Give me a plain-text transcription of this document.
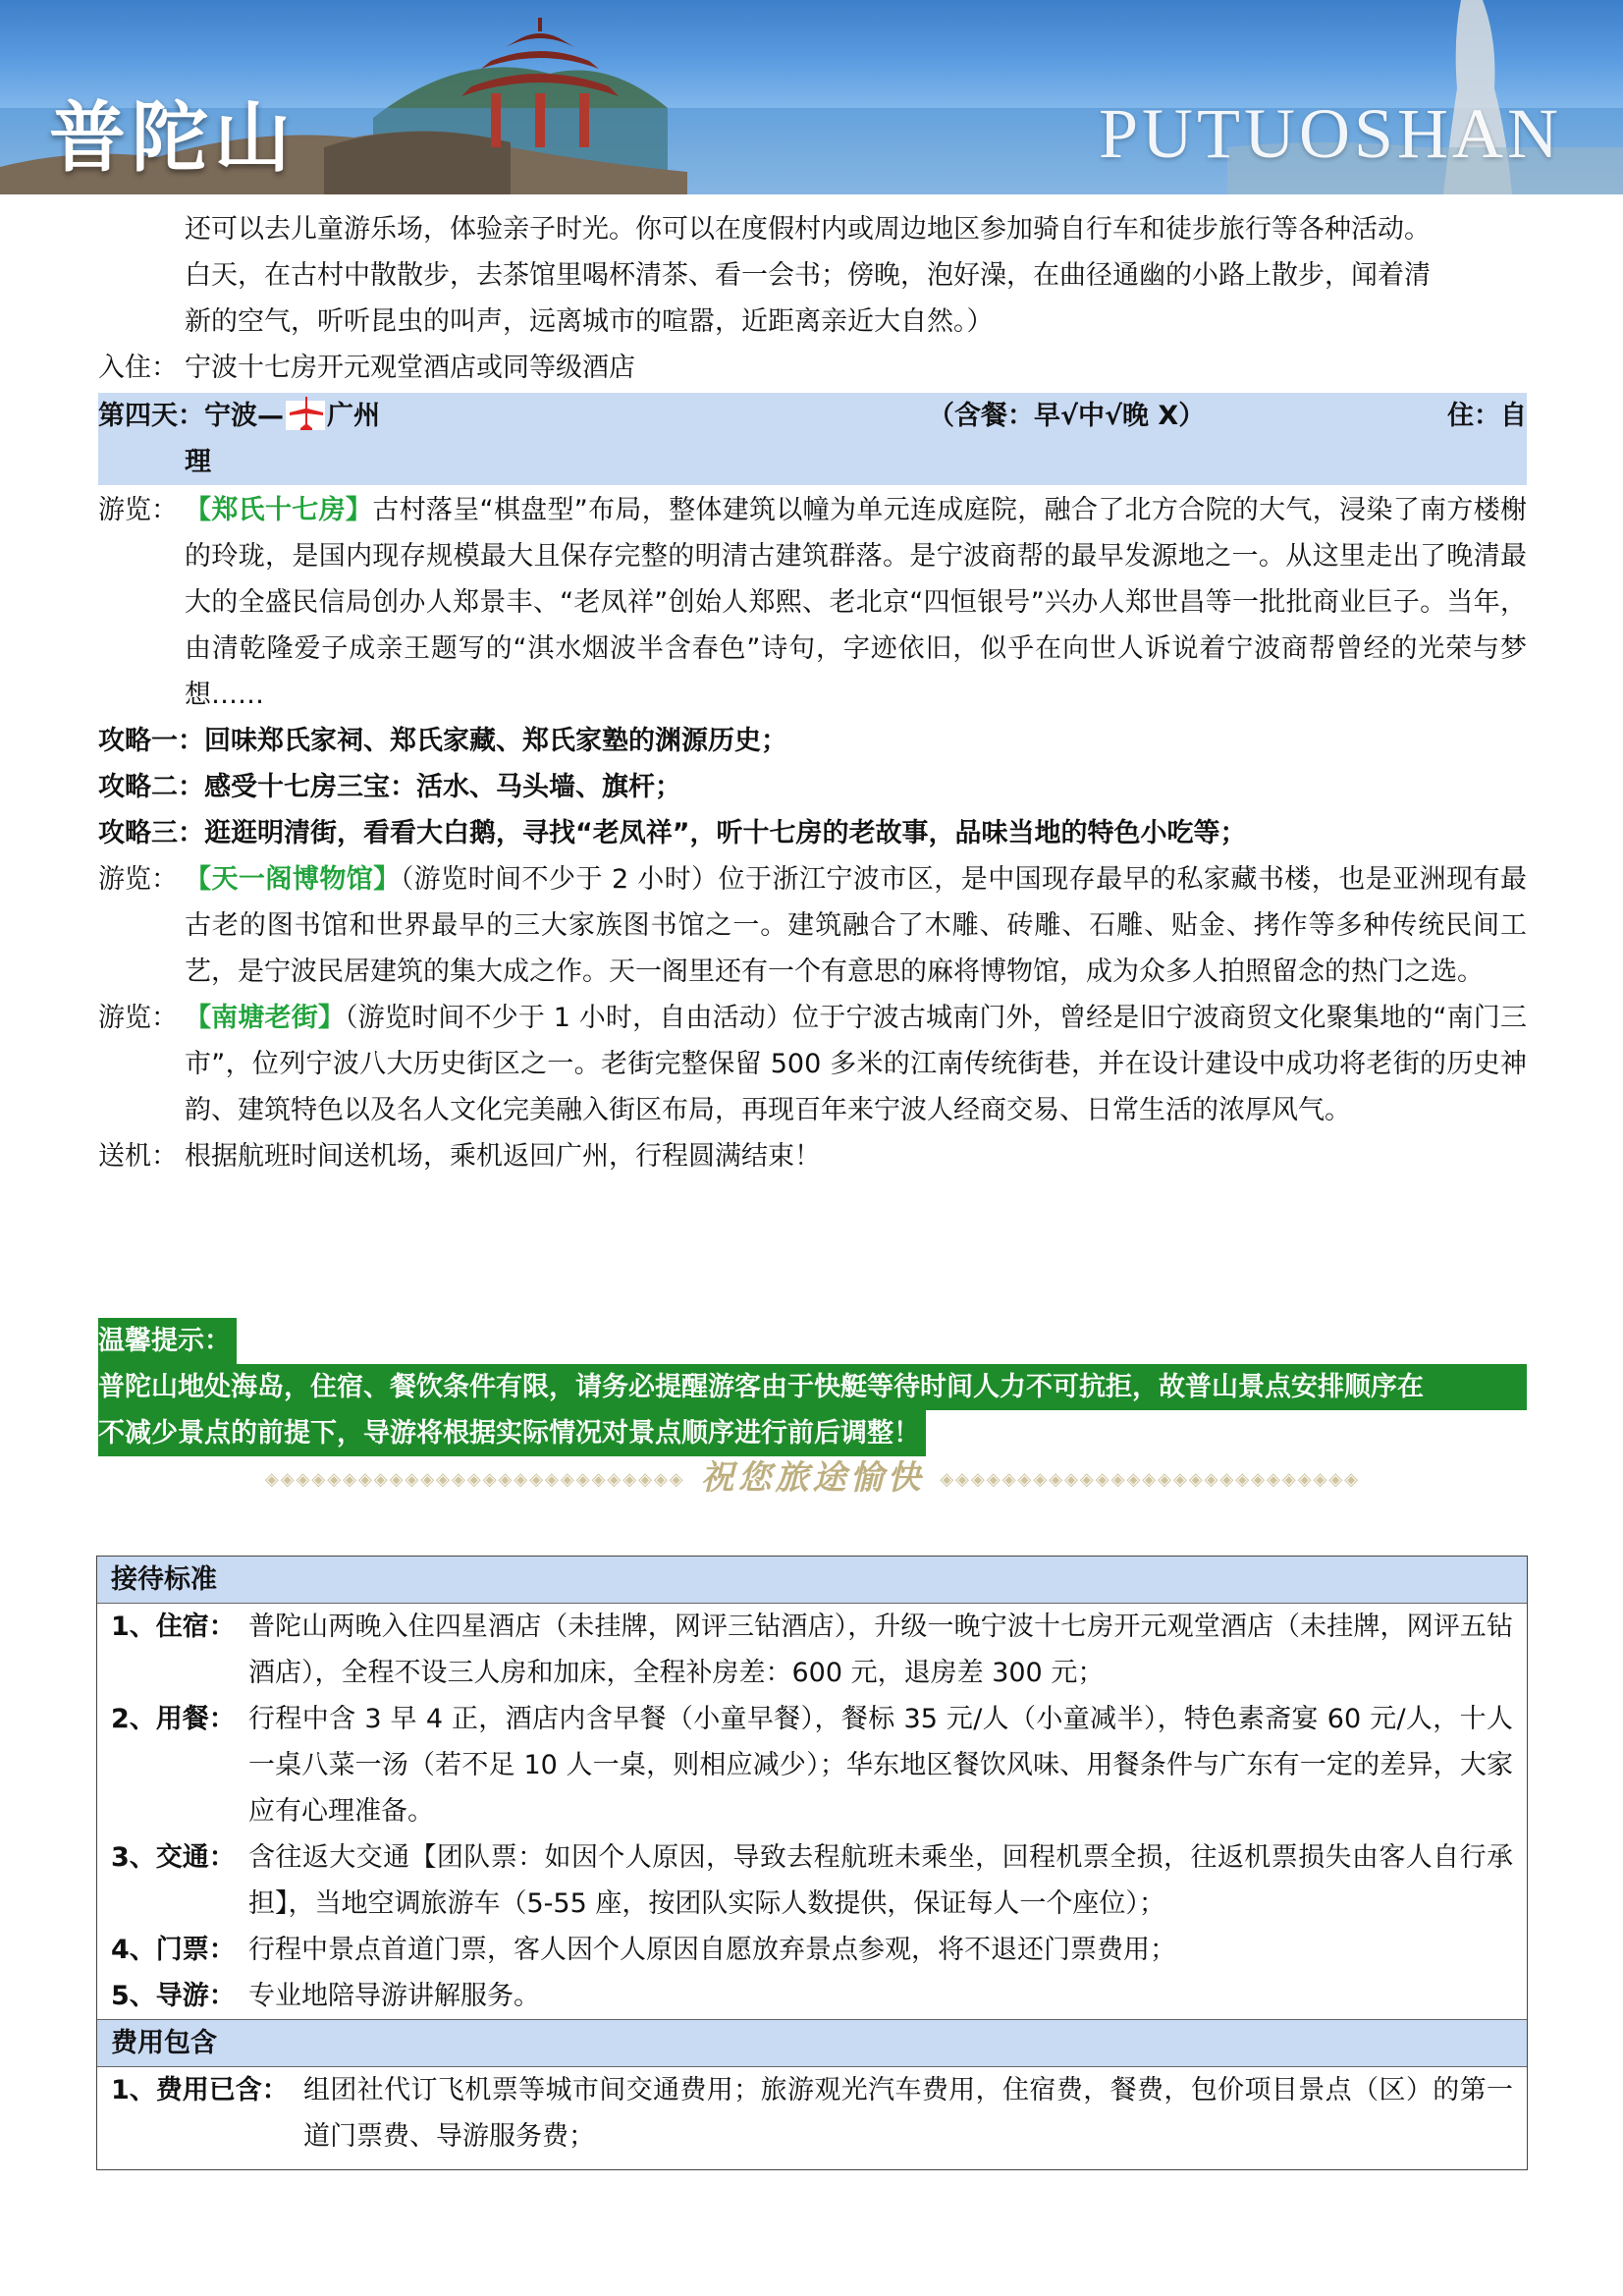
普陀山	PUTUOSHAN
还可以去儿童游乐场，体验亲子时光。你可以在度假村内或周边地区参加骑自行车和徒步旅行等各种活动。
白天，在古村中散散步，去茶馆里喝杯清茶、看一会书；傍晚，泡好澡，在曲径通幽的小路上散步，闻着清
新的空气，听听昆虫的叫声，远离城市的喧嚣，近距离亲近大自然。）
入住： 宁波十七房开元观堂酒店或同等级酒店
第四天：宁波— 广州	（含餐：早√中√晚 X）	住：自
理
游览： 【郑氏十七房】古村落呈“棋盘型”布局，整体建筑以幢为单元连成庭院，融合了北方合院的大气，浸染了南方楼榭的玲珑，是国内现存规模最大且保存完整的明清古建筑群落。是宁波商帮的最早发源地之一。从这里走出了晚清最大的全盛民信局创办人郑景丰、“老凤祥”创始人郑熙、老北京“四恒银号”兴办人郑世昌等一批批商业巨子。当年，由清乾隆爱子成亲王题写的“淇水烟波半含春色”诗句，字迹依旧，似乎在向世人诉说着宁波商帮曾经的光荣与梦想……
攻略一：回味郑氏家祠、郑氏家藏、郑氏家塾的渊源历史；
攻略二：感受十七房三宝：活水、马头墙、旗杆；
攻略三：逛逛明清街，看看大白鹅，寻找“老凤祥”，听十七房的老故事，品味当地的特色小吃等；
游览： 【天一阁博物馆】（游览时间不少于 2 小时）位于浙江宁波市区，是中国现存最早的私家藏书楼，也是亚洲现有最古老的图书馆和世界最早的三大家族图书馆之一。建筑融合了木雕、砖雕、石雕、贴金、拷作等多种传统民间工艺，是宁波民居建筑的集大成之作。天一阁里还有一个有意思的麻将博物馆，成为众多人拍照留念的热门之选。
游览： 【南塘老街】（游览时间不少于 1 小时，自由活动）位于宁波古城南门外，曾经是旧宁波商贸文化聚集地的“南门三市”，位列宁波八大历史街区之一。老街完整保留 500 多米的江南传统街巷，并在设计建设中成功将老街的历史神韵、建筑特色以及名人文化完美融入街区布局，再现百年来宁波人经商交易、日常生活的浓厚风气。
送机： 根据航班时间送机场，乘机返回广州，行程圆满结束！
温馨提示：
普陀山地处海岛，住宿、餐饮条件有限，请务必提醒游客由于快艇等待时间人力不可抗拒，故普山景点安排顺序在
不减少景点的前提下，导游将根据实际情况对景点顺序进行前后调整！
◈◈◈◈◈◈◈◈◈◈◈◈◈◈◈◈◈◈◈◈◈◈◈◈◈◈◈ 祝您旅途愉快 ◈◈◈◈◈◈◈◈◈◈◈◈◈◈◈◈◈◈◈◈◈◈◈◈◈◈◈
接待标准
1、住宿： 普陀山两晚入住四星酒店（未挂牌，网评三钻酒店），升级一晚宁波十七房开元观堂酒店（未挂牌，网评五钻酒店），全程不设三人房和加床，全程补房差：600 元，退房差 300 元；
2、用餐： 行程中含 3 早 4 正，酒店内含早餐（小童早餐），餐标 35 元/人（小童减半），特色素斋宴 60 元/人，十人一桌八菜一汤（若不足 10 人一桌，则相应减少）；华东地区餐饮风味、用餐条件与广东有一定的差异，大家应有心理准备。
3、交通： 含往返大交通【团队票：如因个人原因，导致去程航班未乘坐，回程机票全损，往返机票损失由客人自行承担】，当地空调旅游车（5-55 座，按团队实际人数提供，保证每人一个座位）；
4、门票： 行程中景点首道门票，客人因个人原因自愿放弃景点参观，将不退还门票费用；
5、导游： 专业地陪导游讲解服务。
费用包含
1、费用已含： 组团社代订飞机票等城市间交通费用；旅游观光汽车费用，住宿费，餐费，包价项目景点（区）的第一道门票费、导游服务费；
